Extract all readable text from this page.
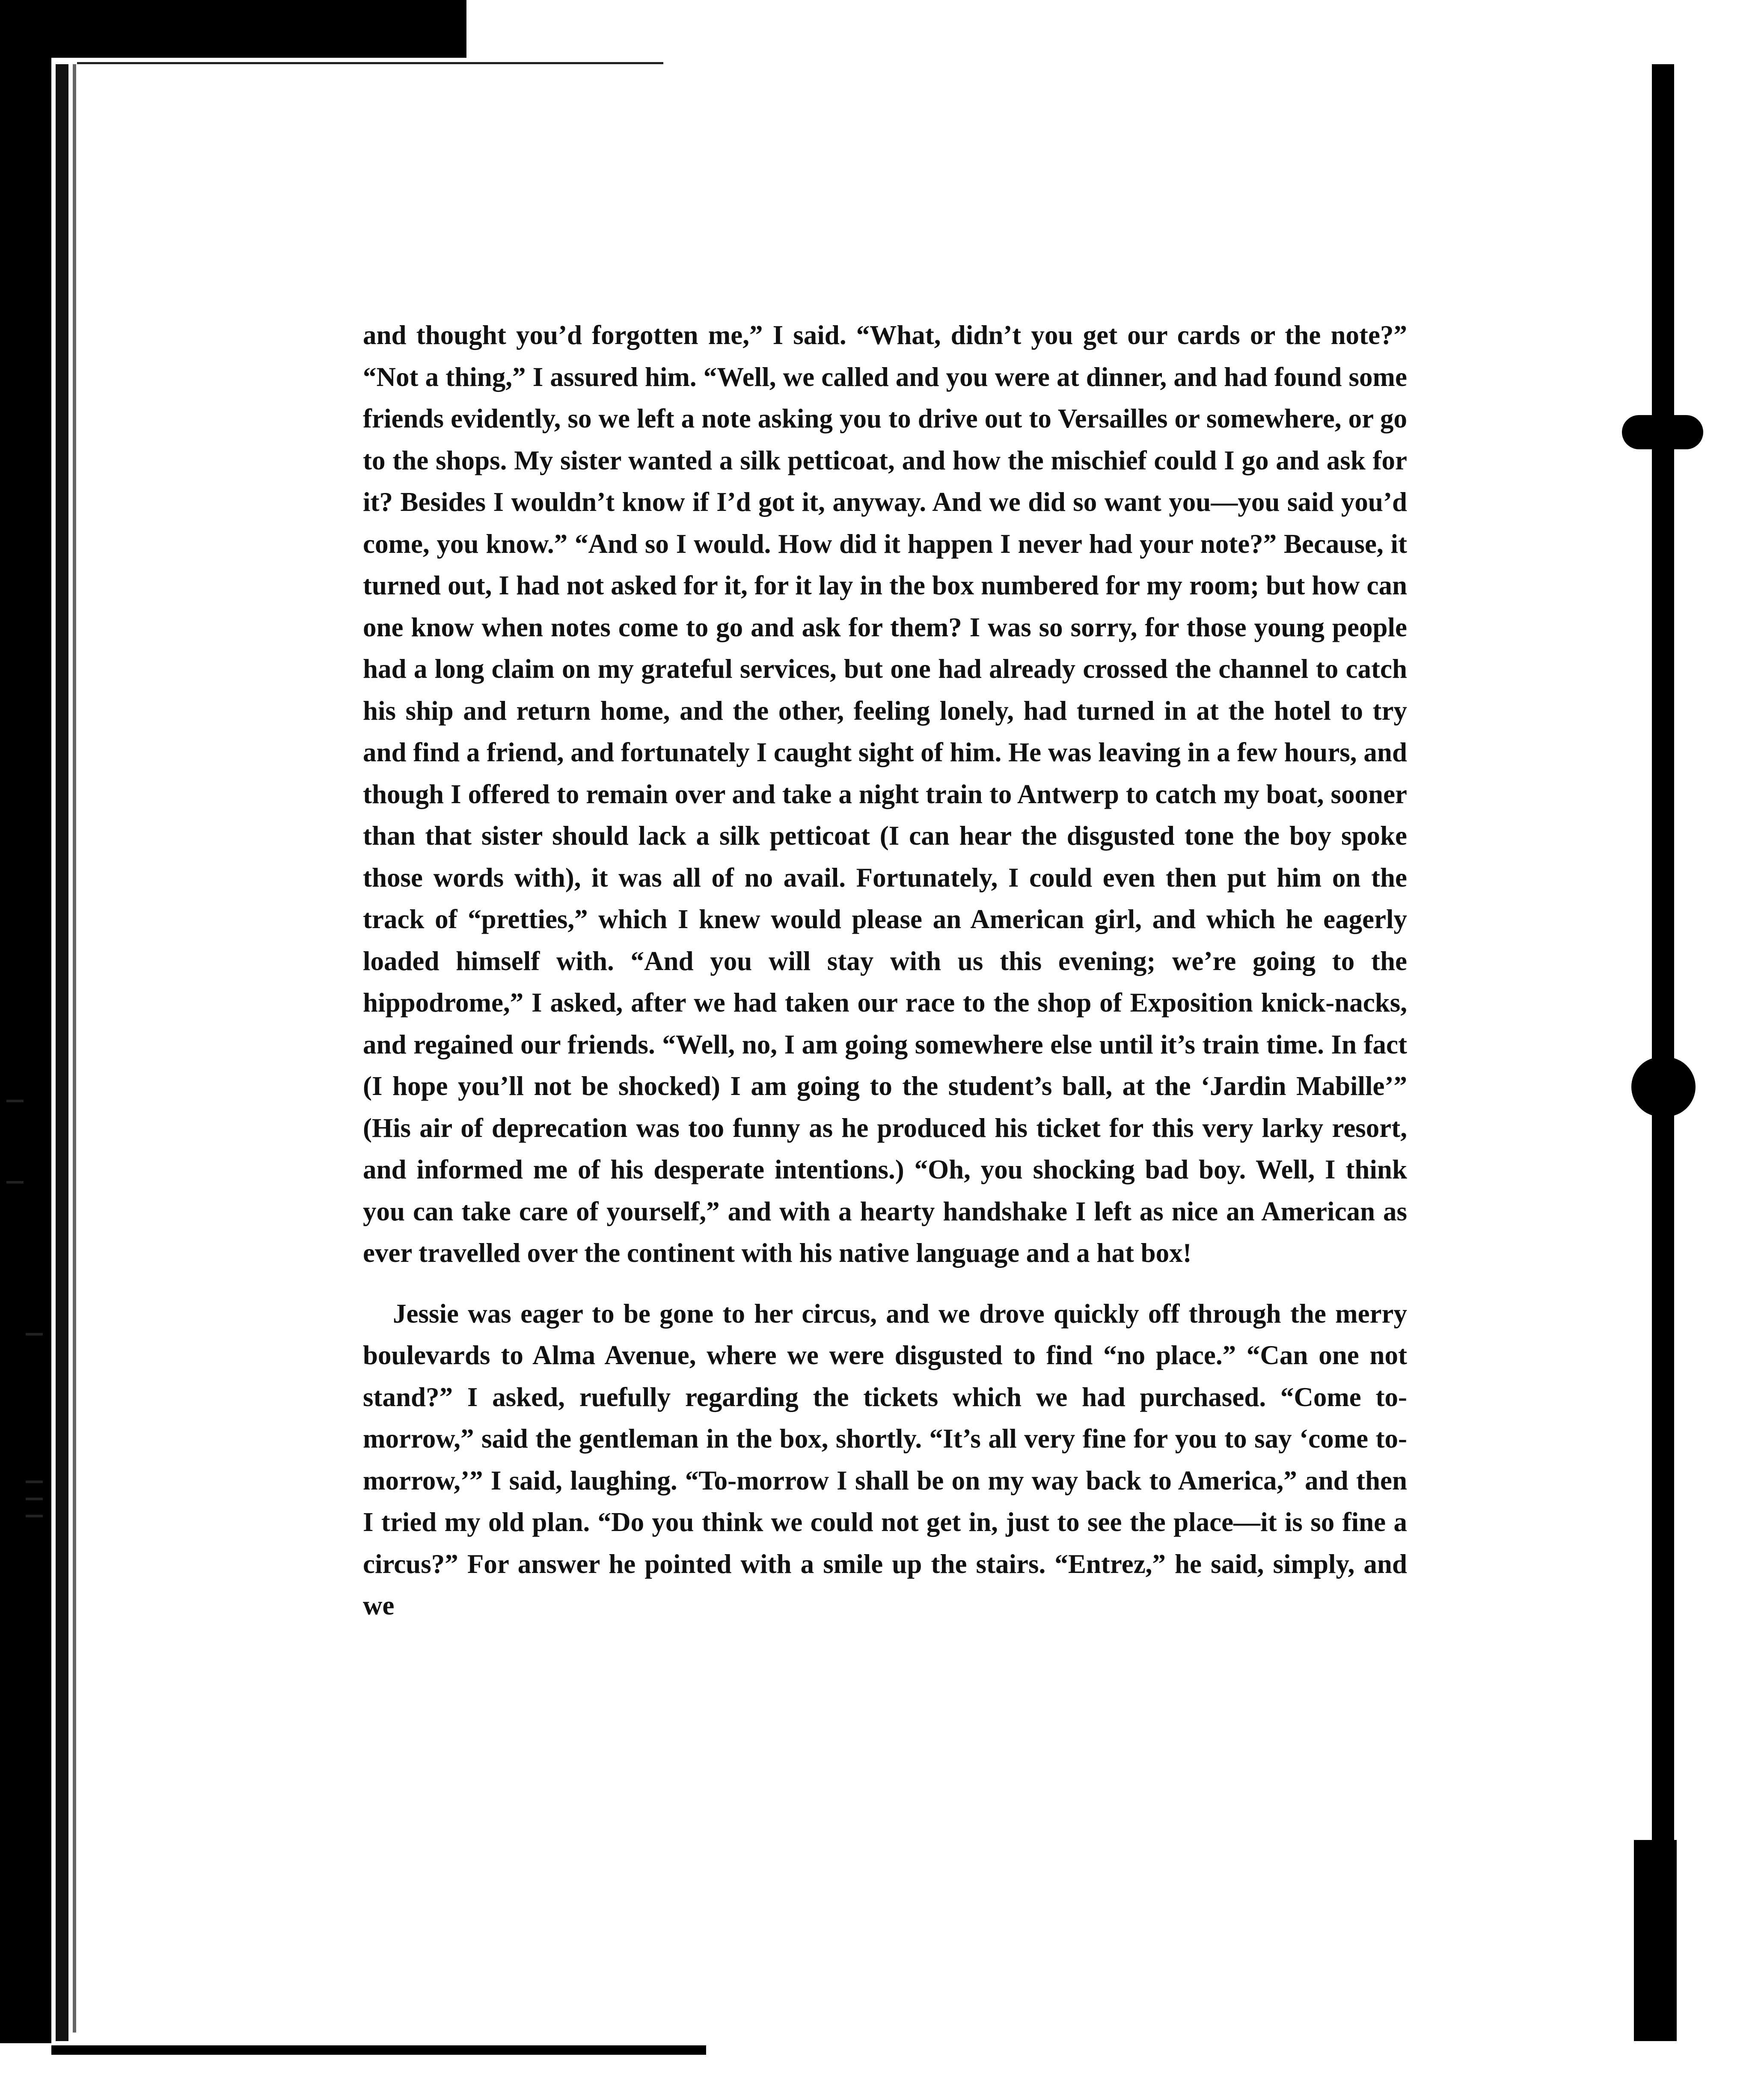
and thought you’d forgotten me,” I said. “What, didn’t you get our cards or the note?” “Not a thing,” I assured him. “Well, we called and you were at dinner, and had found some friends evidently, so we left a note asking you to drive out to Versailles or somewhere, or go to the shops. My sister wanted a silk petticoat, and how the mischief could I go and ask for it? Besides I wouldn’t know if I’d got it, anyway. And we did so want you—you said you’d come, you know.” “And so I would. How did it happen I never had your note?” Because, it turned out, I had not asked for it, for it lay in the box numbered for my room; but how can one know when notes come to go and ask for them? I was so sorry, for those young people had a long claim on my grateful services, but one had already crossed the channel to catch his ship and return home, and the other, feeling lonely, had turned in at the hotel to try and find a friend, and fortunately I caught sight of him. He was leaving in a few hours, and though I offered to remain over and take a night train to Antwerp to catch my boat, sooner than that sister should lack a silk petticoat (I can hear the disgusted tone the boy spoke those words with), it was all of no avail. Fortunately, I could even then put him on the track of “pretties,” which I knew would please an American girl, and which he eagerly loaded himself with. “And you will stay with us this evening; we’re going to the hippodrome,” I asked, after we had taken our race to the shop of Exposition knick-nacks, and regained our friends. “Well, no, I am going somewhere else until it’s train time. In fact (I hope you’ll not be shocked) I am going to the student’s ball, at the ‘Jardin Mabille’” (His air of deprecation was too funny as he produced his ticket for this very larky resort, and informed me of his desperate intentions.) “Oh, you shocking bad boy. Well, I think you can take care of yourself,” and with a hearty handshake I left as nice an American as ever travelled over the continent with his native language and a hat box!

Jessie was eager to be gone to her circus, and we drove quickly off through the merry boulevards to Alma Avenue, where we were disgusted to find “no place.” “Can one not stand?” I asked, ruefully regarding the tickets which we had purchased. “Come to-morrow,” said the gentleman in the box, shortly. “It’s all very fine for you to say ‘come to-morrow,’” I said, laughing. “To-morrow I shall be on my way back to America,” and then I tried my old plan. “Do you think we could not get in, just to see the place—it is so fine a circus?” For answer he pointed with a smile up the stairs. “Entrez,” he said, simply, and we
